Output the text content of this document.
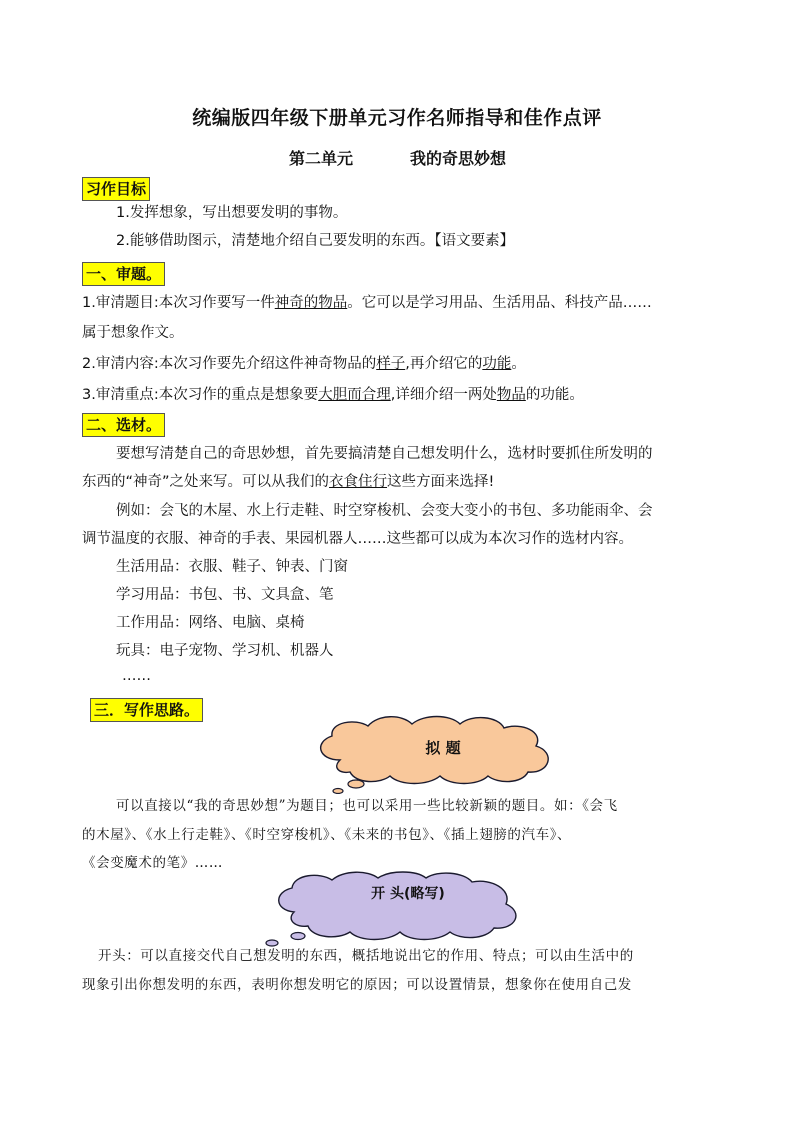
统编版四年级下册单元习作名师指导和佳作点评
第二单元	我的奇思妙想
习作目标
1.发挥想象，写出想要发明的事物。
2.能够借助图示，清楚地介绍自己要发明的东西。【语文要素】
一、审题。
1.审清题目:本次习作要写一件神奇的物品。它可以是学习用品、生活用品、科技产品……
属于想象作文。
2.审清内容:本次习作要先介绍这件神奇物品的样子,再介绍它的功能。
3.审清重点:本次习作的重点是想象要大胆而合理,详细介绍一两处物品的功能。
二、选材。
要想写清楚自己的奇思妙想，首先要搞清楚自己想发明什么，选材时要抓住所发明的
东西的“神奇”之处来写。可以从我们的衣食住行这些方面来选择!
例如：会飞的木屋、水上行走鞋、时空穿梭机、会变大变小的书包、多功能雨伞、会
调节温度的衣服、神奇的手表、果园机器人……这些都可以成为本次习作的选材内容。
生活用品：衣服、鞋子、钟表、门窗
学习用品：书包、书、文具盒、笔
工作用品：网络、电脑、桌椅
玩具：电子宠物、学习机、机器人
……
三．写作思路。
拟 题
可以直接以“我的奇思妙想”为题目；也可以采用一些比较新颖的题目。如：《会飞
的木屋》、《水上行走鞋》、《时空穿梭机》、《未来的书包》、《插上翅膀的汽车》、
《会变魔术的笔》……
开 头(略写)
开头：可以直接交代自己想发明的东西，概括地说出它的作用、特点；可以由生活中的
现象引出你想发明的东西，表明你想发明它的原因；可以设置情景，想象你在使用自己发
